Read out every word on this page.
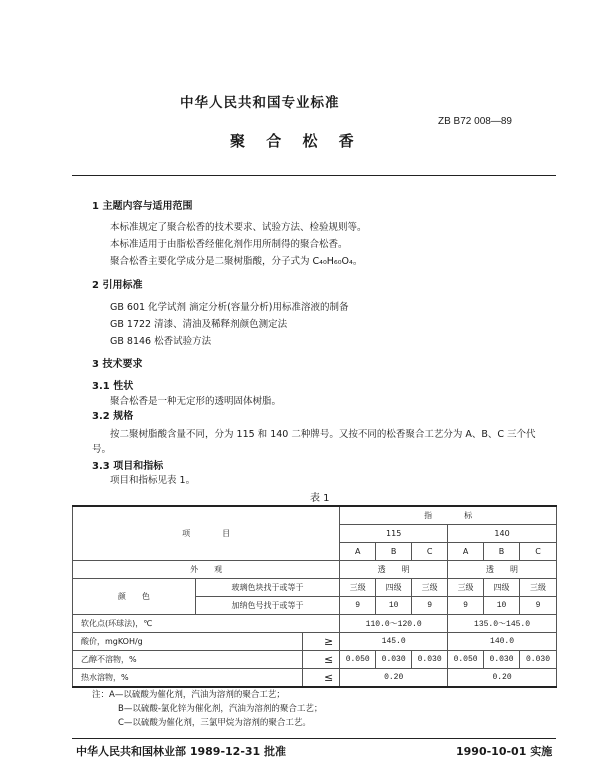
中华人民共和国专业标准
ZB B72 008—89
聚 合 松 香
1 主题内容与适用范围
本标准规定了聚合松香的技术要求、试验方法、检验规则等。
本标准适用于由脂松香经催化剂作用所制得的聚合松香。
聚合松香主要化学成分是二聚树脂酸，分子式为 C₄₀H₆₀O₄。
2 引用标准
GB 601 化学试剂 滴定分析(容量分析)用标准溶液的制备
GB 1722 清漆、清油及稀释剂颜色测定法
GB 8146 松香试验方法
3 技术要求
3.1 性状
聚合松香是一种无定形的透明固体树脂。
3.2 规格
按二聚树脂酸含量不同，分为 115 和 140 二种牌号。又按不同的松香聚合工艺分为 A、B、C 三个代
号。
3.3 项目和指标
项目和指标见表 1。
表 1
项　　　　目			指　　　　标					
			115			140		
			A	B	C	A	B	C
外　　观			透　　明			透　　明		
颜　　色	玻璃色块找于或等于		三级	四级	三级	三级	四级	三级
	加纳色号找于或等于		9	10	9	9	10	9
软化点(环球法)，℃			110.0～120.0			135.0～145.0		
酸价，mgKOH/g		≥	145.0			140.0		
乙醇不溶物，%		≤	0.050	0.030	0.030	0.050	0.030	0.030
热水溶物，%		≤	0.20			0.20		
注：A—以硫酸为催化剂，汽油为溶剂的聚合工艺；
B—以硫酸-氯化锌为催化剂，汽油为溶剂的聚合工艺；
C—以硫酸为催化剂，三氯甲烷为溶剂的聚合工艺。
中华人民共和国林业部 1989-12-31 批准	1990-10-01 实施
